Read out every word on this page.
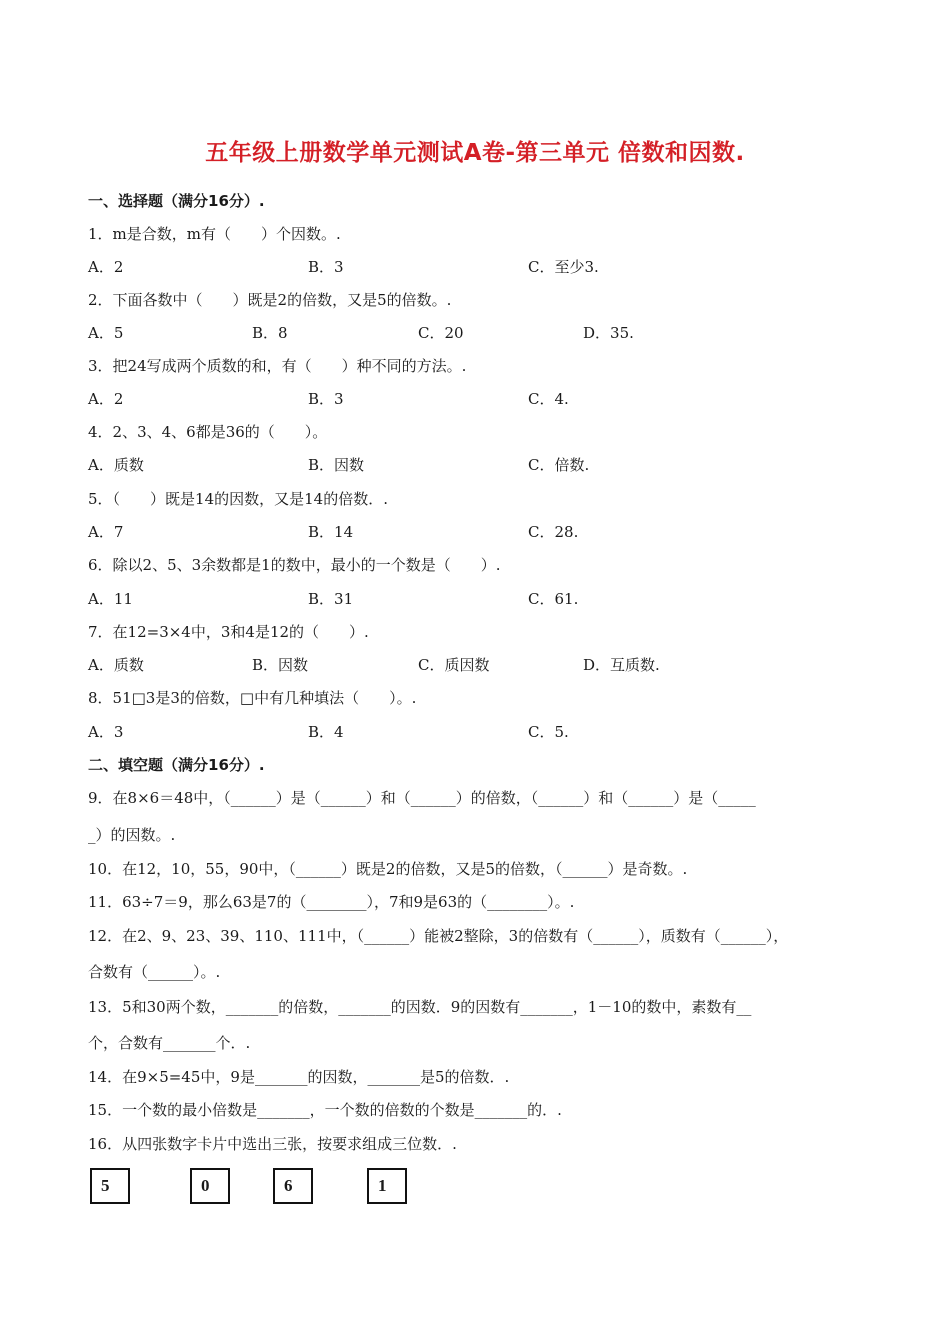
五年级上册数学单元测试A卷-第三单元 倍数和因数.
一、选择题（满分16分）.
1．m是合数，m有（　　）个因数。.
A．2	B．3	C．至少3.
2．下面各数中（　　）既是2的倍数，又是5的倍数。.
A．5	B．8	C．20	D．35.
3．把24写成两个质数的和，有（　　）种不同的方法。.
A．2	B．3	C．4.
4．2、3、4、6都是36的（　　）。
A．质数	B．因数	C．倍数.
5．（　　）既是14的因数，又是14的倍数．.
A．7	B．14	C．28.
6．除以2、5、3余数都是1的数中，最小的一个数是（　　）.
A．11	B．31	C．61.
7．在12=3×4中，3和4是12的（　　）.
A．质数	B．因数	C．质因数	D．互质数.
8．51□3是3的倍数，□中有几种填法（　　）。.
A．3	B．4	C．5.
二、填空题（满分16分）.
9．在8×6＝48中，（______）是（______）和（______）的倍数，（______）和（______）是（_____
_）的因数。.
10．在12，10，55，90中，（______）既是2的倍数，又是5的倍数，（______）是奇数。.
11．63÷7＝9，那么63是7的（________），7和9是63的（________）。.
12．在2、9、23、39、110、111中，（______）能被2整除，3的倍数有（______），质数有（______），
合数有（______）。.
13．5和30两个数，_______的倍数，_______的因数．9的因数有_______，1－10的数中，素数有__
个，合数有_______个．.
14．在9×5=45中，9是_______的因数，_______是5的倍数．.
15．一个数的最小倍数是_______，一个数的倍数的个数是_______的．.
16．从四张数字卡片中选出三张，按要求组成三位数．.
5	0	6	1
